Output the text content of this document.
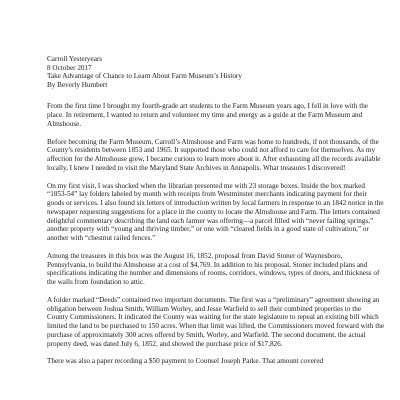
Carroll Yesteryears

8 October 2017

Take Advantage of Chance to Learn About Farm Museum’s History

By Beverly Humbert

From the first time I brought my fourth-grade art students to the Farm Museum years ago, I fell in love with the place. In retirement, I wanted to return and volunteer my time and energy as a guide at the Farm Museum and Almshouse.

Before becoming the Farm Museum, Carroll’s Almshouse and Farm was home to hundreds, if not thousands, of the County’s residents between 1853 and 1965. It supported those who could not afford to care for themselves. As my affection for the Almshouse grew, I became curious to learn more about it. After exhausting all the records available locally, I knew I needed to visit the Maryland State Archives in Annapolis. What treasures I discovered!

On my first visit, I was shocked when the librarian presented me with 23 storage boxes. Inside the box marked “1853-54” lay folders labeled by month with receipts from Westminster merchants indicating payment for their goods or services. I also found six letters of introduction written by local farmers in response to an 1842 notice in the newspaper requesting suggestions for a place in the county to locate the Almshouse and Farm. The letters contained delightful commentary describing the land each farmer was offering—a parcel filled with “never failing springs,” another property with “young and thriving timber,” or one with “cleared fields in a good state of cultivation,” or another with “chestnut railed fences.”

Among the treasures in this box was the August 16, 1852, proposal from David Stoner of Waynesboro, Pennsylvania, to build the Almshouse at a cost of $4,769. In addition to his proposal, Stoner included plans and specifications indicating the number and dimensions of rooms, corridors, windows, types of doors, and thickness of the walls from foundation to attic.

A folder marked “Deeds” contained two important documents. The first was a “preliminary” agreement showing an obligation between Joshua Smith, William Worley, and Jesse Warfield to sell their combined properties to the County Commissioners. It indicated the County was waiting for the state legislature to repeal an existing bill which limited the land to be purchased to 150 acres. When that limit was lifted, the Commissioners moved forward with the purchase of approximately 300 acres offered by Smith, Worley, and Warfield. The second document, the actual property deed, was dated July 6, 1852, and showed the purchase price of $17,826.

There was also a paper recording a $50 payment to Counsel Joseph Parke. That amount covered
